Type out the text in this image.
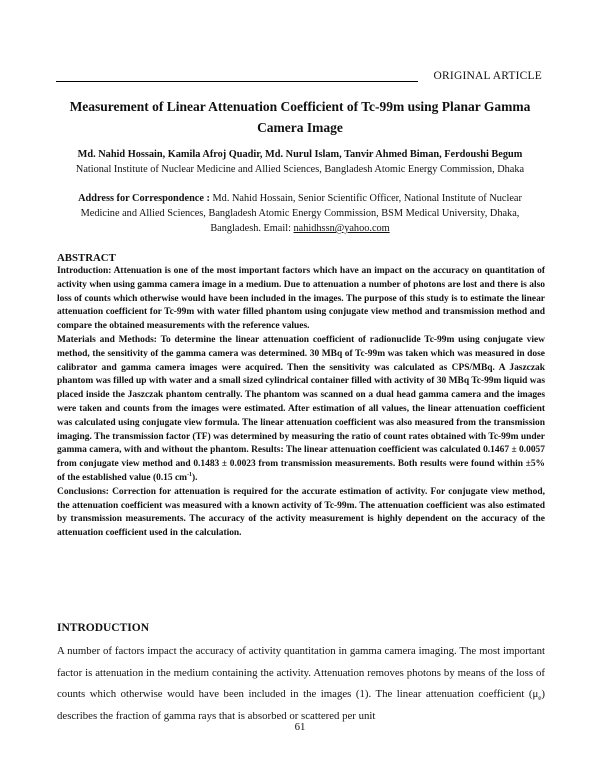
ORIGINAL ARTICLE
Measurement of Linear Attenuation Coefficient of Tc-99m using Planar Gamma Camera Image
Md. Nahid Hossain, Kamila Afroj Quadir, Md. Nurul Islam, Tanvir Ahmed Biman, Ferdoushi Begum
National Institute of Nuclear Medicine and Allied Sciences, Bangladesh Atomic Energy Commission, Dhaka
Address for Correspondence : Md. Nahid Hossain, Senior Scientific Officer, National Institute of Nuclear Medicine and Allied Sciences, Bangladesh Atomic Energy Commission, BSM Medical University, Dhaka, Bangladesh. Email: nahidhssn@yahoo.com
ABSTRACT

Introduction: Attenuation is one of the most important factors which have an impact on the accuracy on quantitation of activity when using gamma camera image in a medium. Due to attenuation a number of photons are lost and there is also loss of counts which otherwise would have been included in the images. The purpose of this study is to estimate the linear attenuation coefficient for Tc-99m with water filled phantom using conjugate view method and transmission method and compare the obtained measurements with the reference values.

Materials and Methods: To determine the linear attenuation coefficient of radionuclide Tc-99m using conjugate view method, the sensitivity of the gamma camera was determined. 30 MBq of Tc-99m was taken which was measured in dose calibrator and gamma camera images were acquired. Then the sensitivity was calculated as CPS/MBq. A Jaszczak phantom was filled up with water and a small sized cylindrical container filled with activity of 30 MBq Tc-99m liquid was placed inside the Jaszczak phantom centrally. The phantom was scanned on a dual head gamma camera and the images were taken and counts from the images were estimated. After estimation of all values, the linear attenuation coefficient was calculated using conjugate view formula. The linear attenuation coefficient was also measured from the transmission imaging. The transmission factor (TF) was determined by measuring the ratio of count rates obtained with Tc-99m under gamma camera, with and without the phantom. Results: The linear attenuation coefficient was calculated 0.1467 ± 0.0057 from conjugate view method and 0.1483 ± 0.0023 from transmission measurements. Both results were found within ±5% of the established value (0.15 $cm^{-1}$).

Conclusions: Correction for attenuation is required for the accurate estimation of activity. For conjugate view method, the attenuation coefficient was measured with a known activity of Tc-99m. The attenuation coefficient was also estimated by transmission measurements. The accuracy of the activity measurement is highly dependent on the accuracy of the attenuation coefficient used in the calculation.

INTRODUCTION

A number of factors impact the accuracy of activity quantitation in gamma camera imaging. The most important factor is attenuation in the medium containing the activity. Attenuation removes photons by means of the loss of counts which otherwise would have been included in the images (1). The linear attenuation coefficient $(\mu_e)$ describes the fraction of gamma rays that is absorbed or scattered per unit

61
